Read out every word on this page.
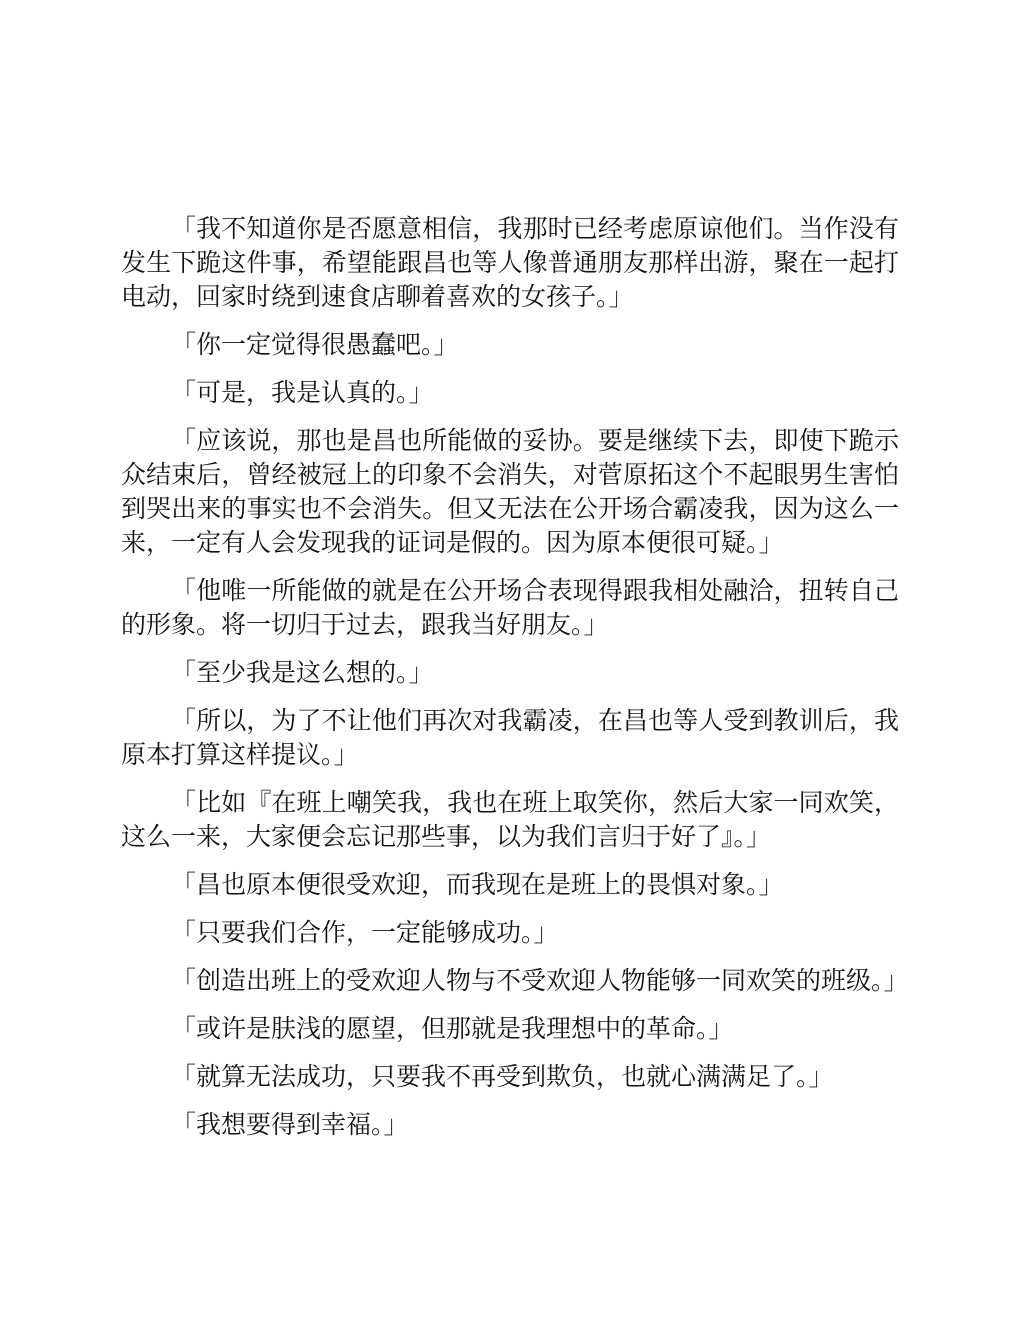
「我不知道你是否愿意相信，我那时已经考虑原谅他们。当作没有发生下跪这件事，希望能跟昌也等人像普通朋友那样出游，聚在一起打电动，回家时绕到速食店聊着喜欢的女孩子。」

「你一定觉得很愚蠢吧。」

「可是，我是认真的。」

「应该说，那也是昌也所能做的妥协。要是继续下去，即使下跪示众结束后，曾经被冠上的印象不会消失，对菅原拓这个不起眼男生害怕到哭出来的事实也不会消失。但又无法在公开场合霸凌我，因为这么一来，一定有人会发现我的证词是假的。因为原本便很可疑。」

「他唯一所能做的就是在公开场合表现得跟我相处融洽，扭转自己的形象。将一切归于过去，跟我当好朋友。」

「至少我是这么想的。」

「所以，为了不让他们再次对我霸凌，在昌也等人受到教训后，我原本打算这样提议。」

「比如『在班上嘲笑我，我也在班上取笑你，然后大家一同欢笑，这么一来，大家便会忘记那些事，以为我们言归于好了』。」

「昌也原本便很受欢迎，而我现在是班上的畏惧对象。」

「只要我们合作，一定能够成功。」

「创造出班上的受欢迎人物与不受欢迎人物能够一同欢笑的班级。」

「或许是肤浅的愿望，但那就是我理想中的革命。」

「就算无法成功，只要我不再受到欺负，也就心满满足了。」

「我想要得到幸福。」
